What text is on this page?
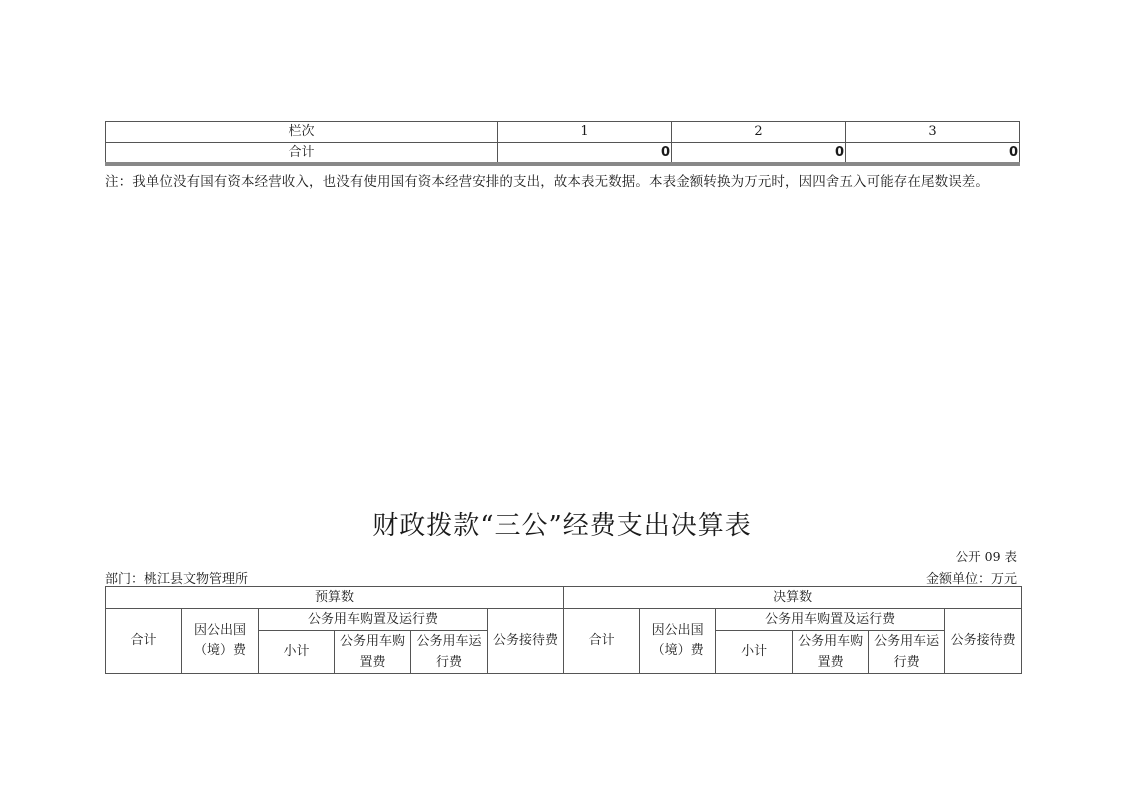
栏次	1	2	3
合计	0	0	0
注：我单位没有国有资本经营收入，也没有使用国有资本经营安排的支出，故本表无数据。本表金额转换为万元时，因四舍五入可能存在尾数误差。
财政拨款“三公”经费支出决算表
公开 09 表
部门：桃江县文物管理所	金额单位：万元
预算数						决算数					
合计	因公出国（境）费	公务用车购置及运行费			公务接待费	合计	因公出国（境）费	公务用车购置及运行费			公务接待费
		小计	公务用车购置费	公务用车运行费				小计	公务用车购置费	公务用车运行费	
